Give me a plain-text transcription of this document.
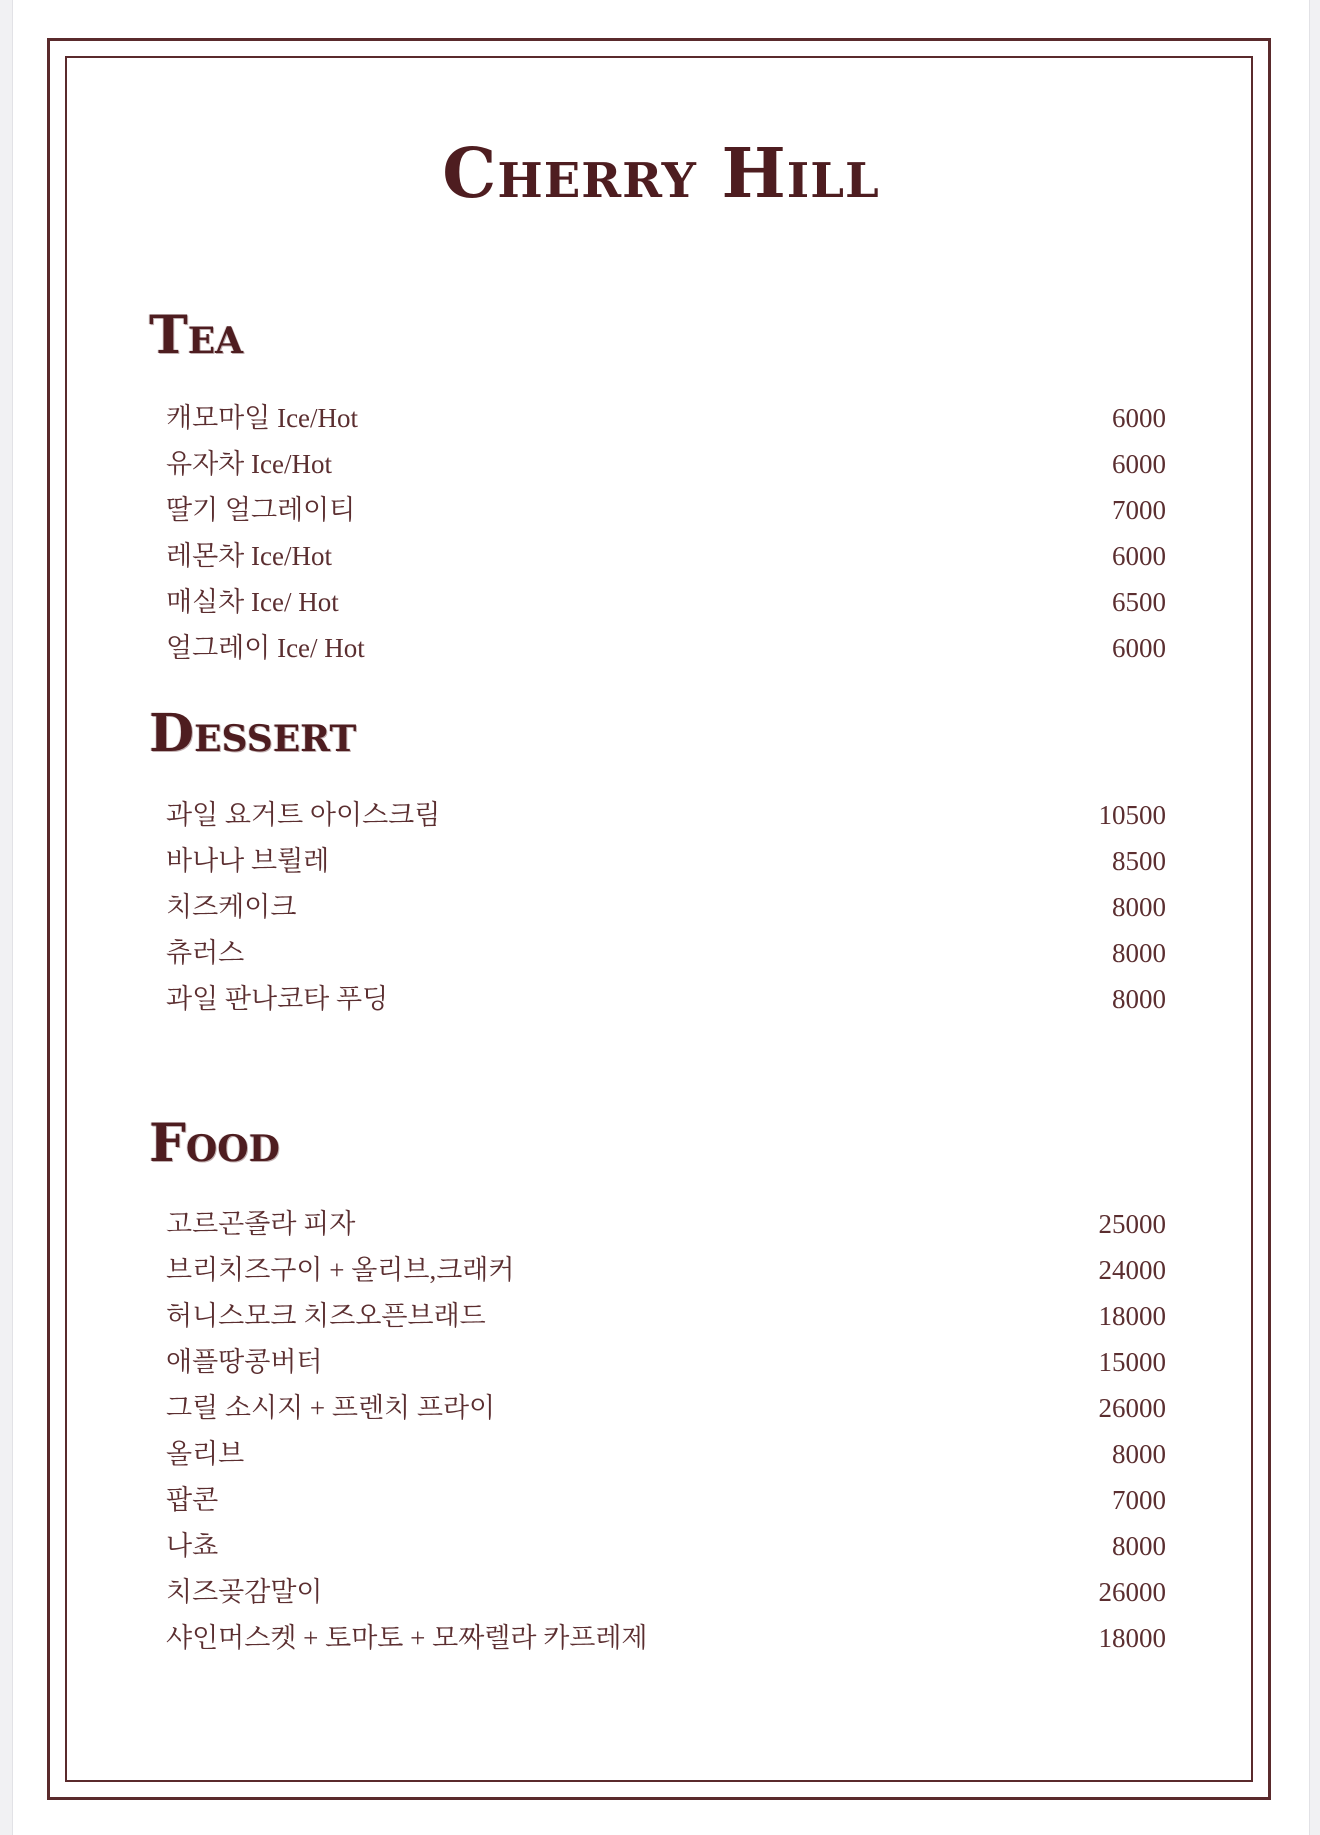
Cherry Hill
Tea
캐모마일 Ice/Hot	6000
유자차 Ice/Hot	6000
딸기 얼그레이티	7000
레몬차 Ice/Hot	6000
매실차 Ice/ Hot	6500
얼그레이 Ice/ Hot	6000
Dessert
과일 요거트 아이스크림	10500
바나나 브륄레	8500
치즈케이크	8000
츄러스	8000
과일 판나코타 푸딩	8000
Food
고르곤졸라 피자	25000
브리치즈구이 + 올리브,크래커	24000
허니스모크 치즈오픈브래드	18000
애플땅콩버터	15000
그릴 소시지 + 프렌치 프라이	26000
올리브	8000
팝콘	7000
나쵸	8000
치즈곶감말이	26000
샤인머스켓 + 토마토 + 모짜렐라 카프레제	18000
